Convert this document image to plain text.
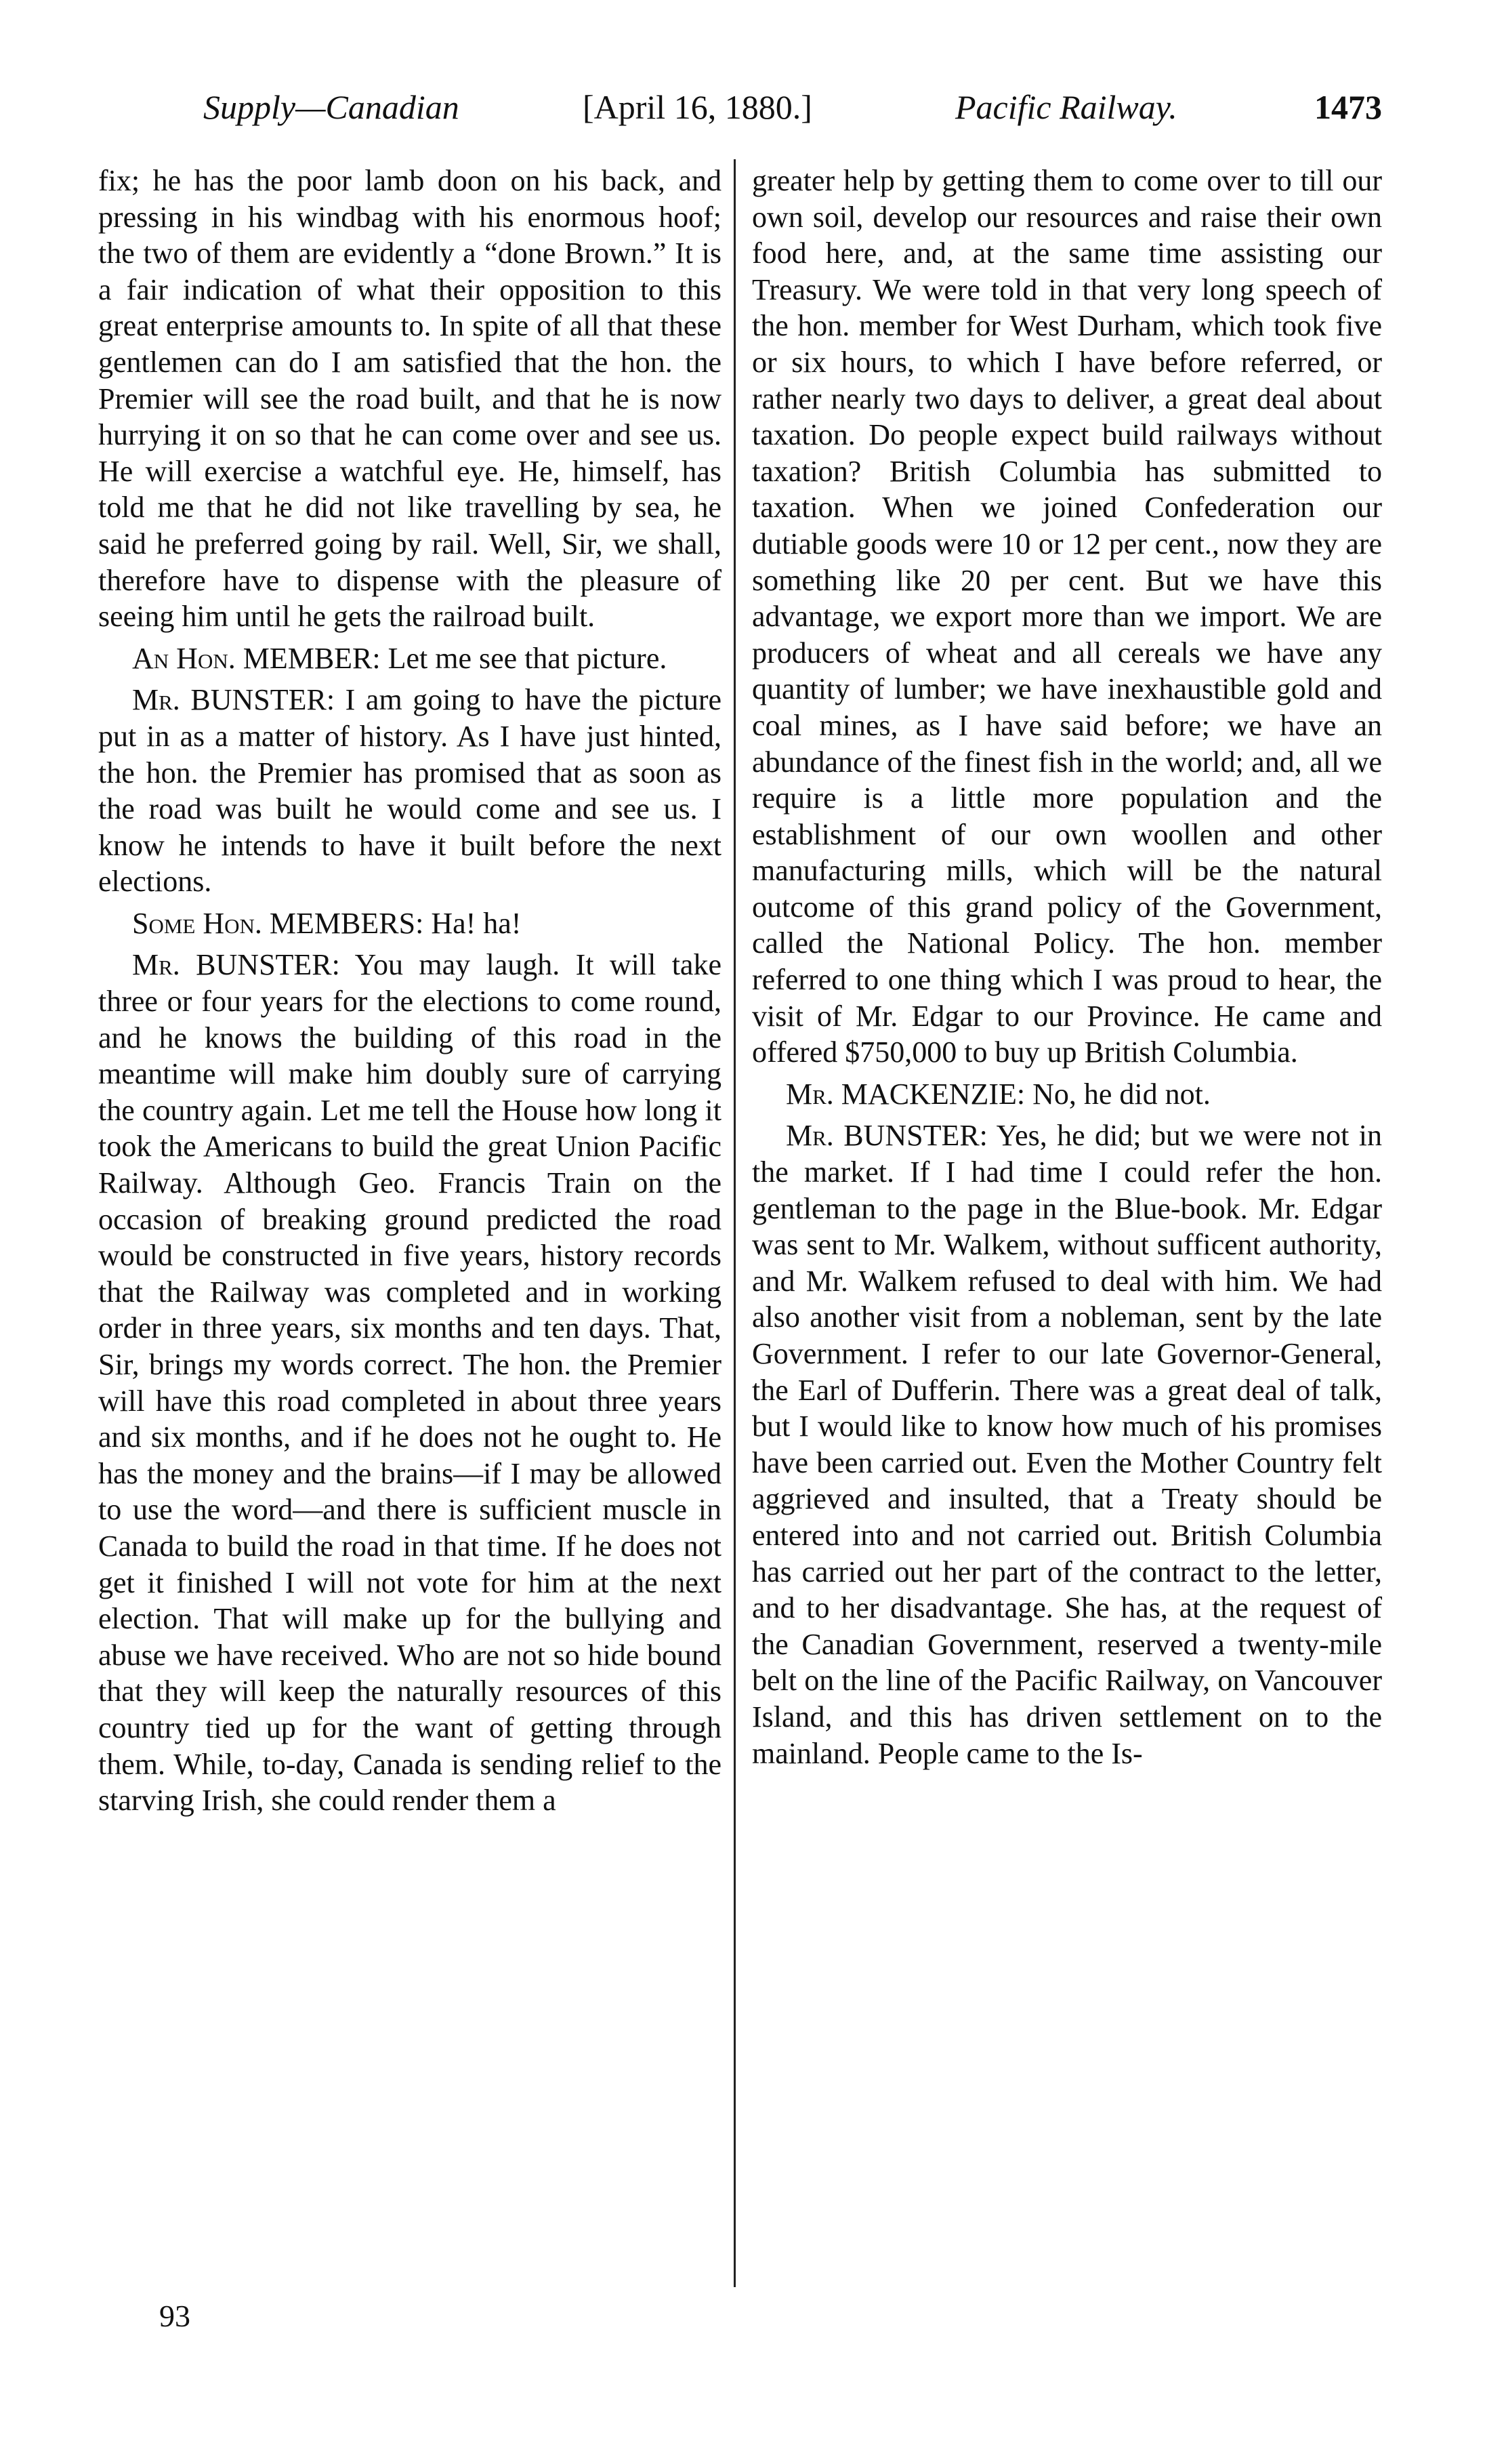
Supply—Canadian	[April 16, 1880.]	Pacific Railway.	1473

fix; he has the poor lamb doon on his back, and pressing in his windbag with his enormous hoof; the two of them are evidently a “done Brown.” It is a fair indication of what their opposition to this great enterprise amounts to. In spite of all that these gentlemen can do I am satisfied that the hon. the Premier will see the road built, and that he is now hurrying it on so that he can come over and see us. He will exercise a watchful eye. He, himself, has told me that he did not like travelling by sea, he said he preferred going by rail. Well, Sir, we shall, therefore have to dispense with the pleasure of seeing him until he gets the railroad built.

An Hon. MEMBER: Let me see that picture.

Mr. BUNSTER: I am going to have the picture put in as a matter of history. As I have just hinted, the hon. the Premier has promised that as soon as the road was built he would come and see us. I know he intends to have it built before the next elections.

Some Hon. MEMBERS: Ha! ha!

Mr. BUNSTER: You may laugh. It will take three or four years for the elections to come round, and he knows the building of this road in the meantime will make him doubly sure of carrying the country again. Let me tell the House how long it took the Americans to build the great Union Pacific Railway. Although Geo. Francis Train on the occasion of breaking ground predicted the road would be constructed in five years, history records that the Railway was completed and in working order in three years, six months and ten days. That, Sir, brings my words correct. The hon. the Premier will have this road completed in about three years and six months, and if he does not he ought to. He has the money and the brains—if I may be allowed to use the word—and there is sufficient muscle in Canada to build the road in that time. If he does not get it finished I will not vote for him at the next election. That will make up for the bullying and abuse we have received. Who are not so hide bound that they will keep the naturally resources of this country tied up for the want of getting through them. While, to-day, Canada is sending relief to the starving Irish, she could render them a

greater help by getting them to come over to till our own soil, develop our resources and raise their own food here, and, at the same time assisting our Treasury. We were told in that very long speech of the hon. member for West Durham, which took five or six hours, to which I have before referred, or rather nearly two days to deliver, a great deal about taxation. Do people expect build railways without taxation? British Columbia has submitted to taxation. When we joined Confederation our dutiable goods were 10 or 12 per cent., now they are something like 20 per cent. But we have this advantage, we export more than we import. We are producers of wheat and all cereals we have any quantity of lumber; we have inexhaustible gold and coal mines, as I have said before; we have an abundance of the finest fish in the world; and, all we require is a little more population and the establishment of our own woollen and other manufacturing mills, which will be the natural outcome of this grand policy of the Government, called the National Policy. The hon. member referred to one thing which I was proud to hear, the visit of Mr. Edgar to our Province. He came and offered $750,000 to buy up British Columbia.

Mr. MACKENZIE: No, he did not.

Mr. BUNSTER: Yes, he did; but we were not in the market. If I had time I could refer the hon. gentleman to the page in the Blue-book. Mr. Edgar was sent to Mr. Walkem, without sufficent authority, and Mr. Walkem refused to deal with him. We had also another visit from a nobleman, sent by the late Government. I refer to our late Governor-General, the Earl of Dufferin. There was a great deal of talk, but I would like to know how much of his promises have been carried out. Even the Mother Country felt aggrieved and insulted, that a Treaty should be entered into and not carried out. British Columbia has carried out her part of the contract to the letter, and to her disadvantage. She has, at the request of the Canadian Government, reserved a twenty-mile belt on the line of the Pacific Railway, on Vancouver Island, and this has driven settlement on to the mainland. People came to the Is-

93
